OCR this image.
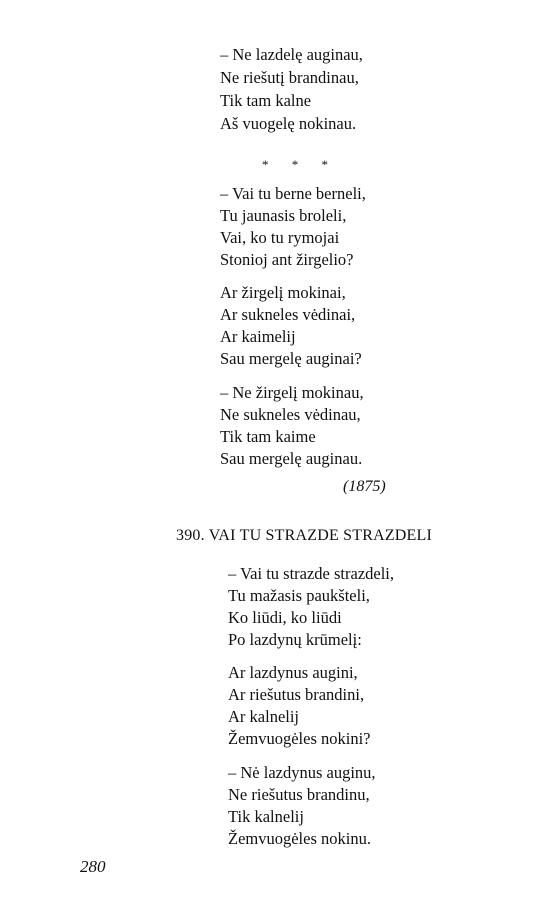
– Ne lazdelę auginau,
Ne riešutį brandinau,
Tik tam kalne
Aš vuogelę nokinau.
* * *
– Vai tu berne berneli,
Tu jaunasis broleli,
Vai, ko tu rymojai
Stonioj ant žirgelio?
Ar žirgelį mokinai,
Ar sukneles vėdinai,
Ar kaimelij
Sau mergelę auginai?
– Ne žirgelį mokinau,
Ne sukneles vėdinau,
Tik tam kaime
Sau mergelę auginau.
(1875)
390. VAI TU STRAZDE STRAZDELI
– Vai tu strazde strazdeli,
Tu mažasis paukšteli,
Ko liūdi, ko liūdi
Po lazdynų krūmelį:
Ar lazdynus augini,
Ar riešutus brandini,
Ar kalnelij
Žemvuogėles nokini?
– Nė lazdynus auginu,
Ne riešutus brandinu,
Tik kalnelij
Žemvuogėles nokinu.
280
